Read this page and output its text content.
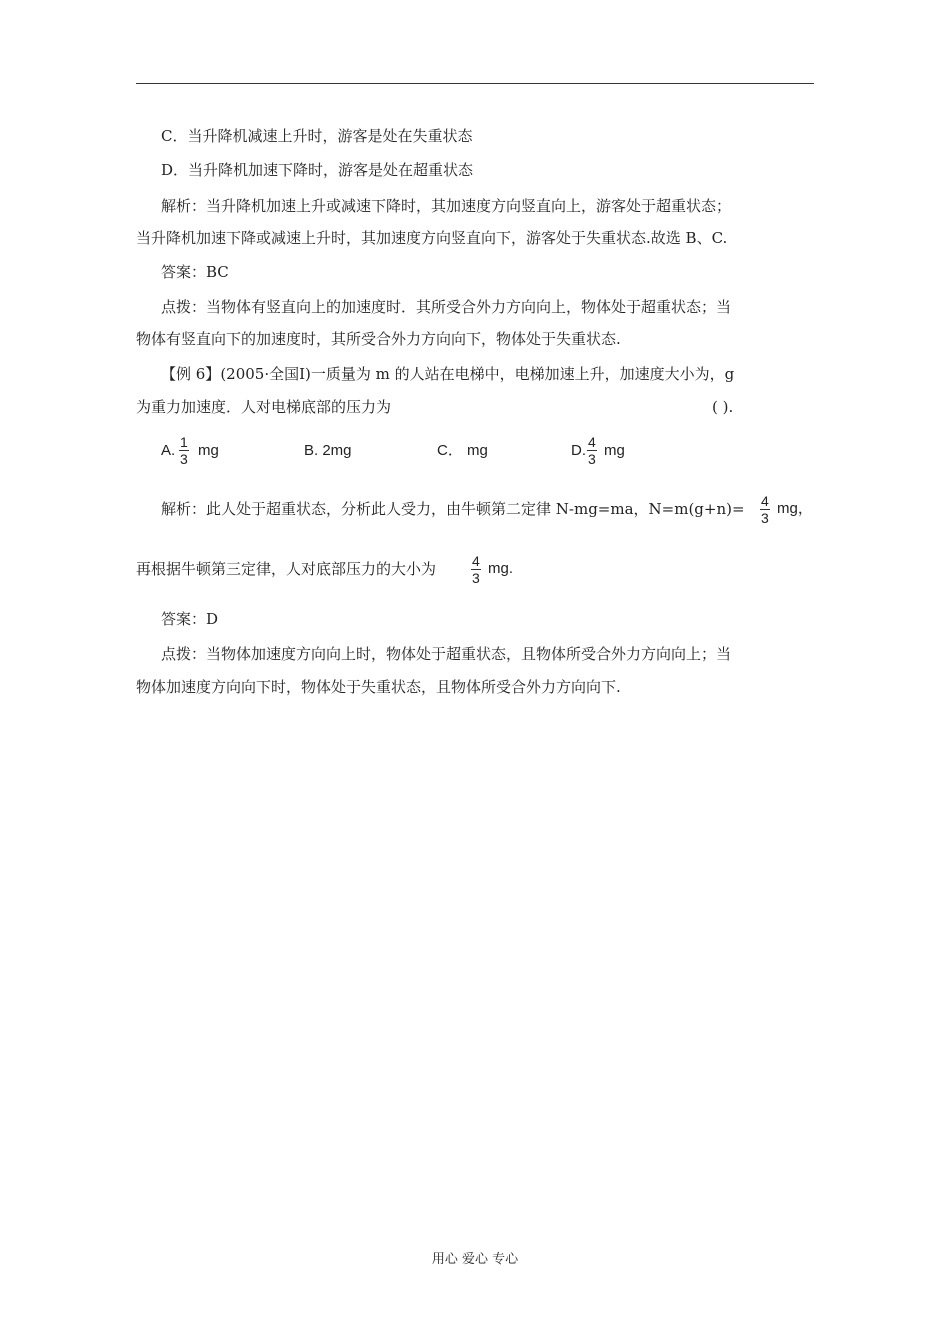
C．当升降机减速上升时，游客是处在失重状态
D．当升降机加速下降时，游客是处在超重状态
解析：当升降机加速上升或减速下降时，其加速度方向竖直向上，游客处于超重状态；
当升降机加速下降或减速上升时，其加速度方向竖直向下，游客处于失重状态.故选 B、C.
答案：BC
点拨：当物体有竖直向上的加速度时．其所受合外力方向向上，物体处于超重状态；当
物体有竖直向下的加速度时，其所受合外力方向向下，物体处于失重状态.
【例 6】(2005·全国Ⅰ)一质量为 m 的人站在电梯中，电梯加速上升，加速度大小为，g
为重力加速度．人对电梯底部的压力为	( ).
A. $\frac{1}{3}$ mg	B. 2mg	C． mg	D. $\frac{4}{3}$ mg
解析：此人处于超重状态，分析此人受力，由牛顿第二定律 N-mg=ma，$N=m(g+n)= \frac{4}{3}$ mg，
再根据牛顿第三定律，人对底部压力的大小为 $\frac{4}{3}$ mg.
答案：D
点拨：当物体加速度方向向上时，物体处于超重状态，且物体所受合外力方向向上；当
物体加速度方向向下时，物体处于失重状态，且物体所受合外力方向向下.
用心 爱心 专心
